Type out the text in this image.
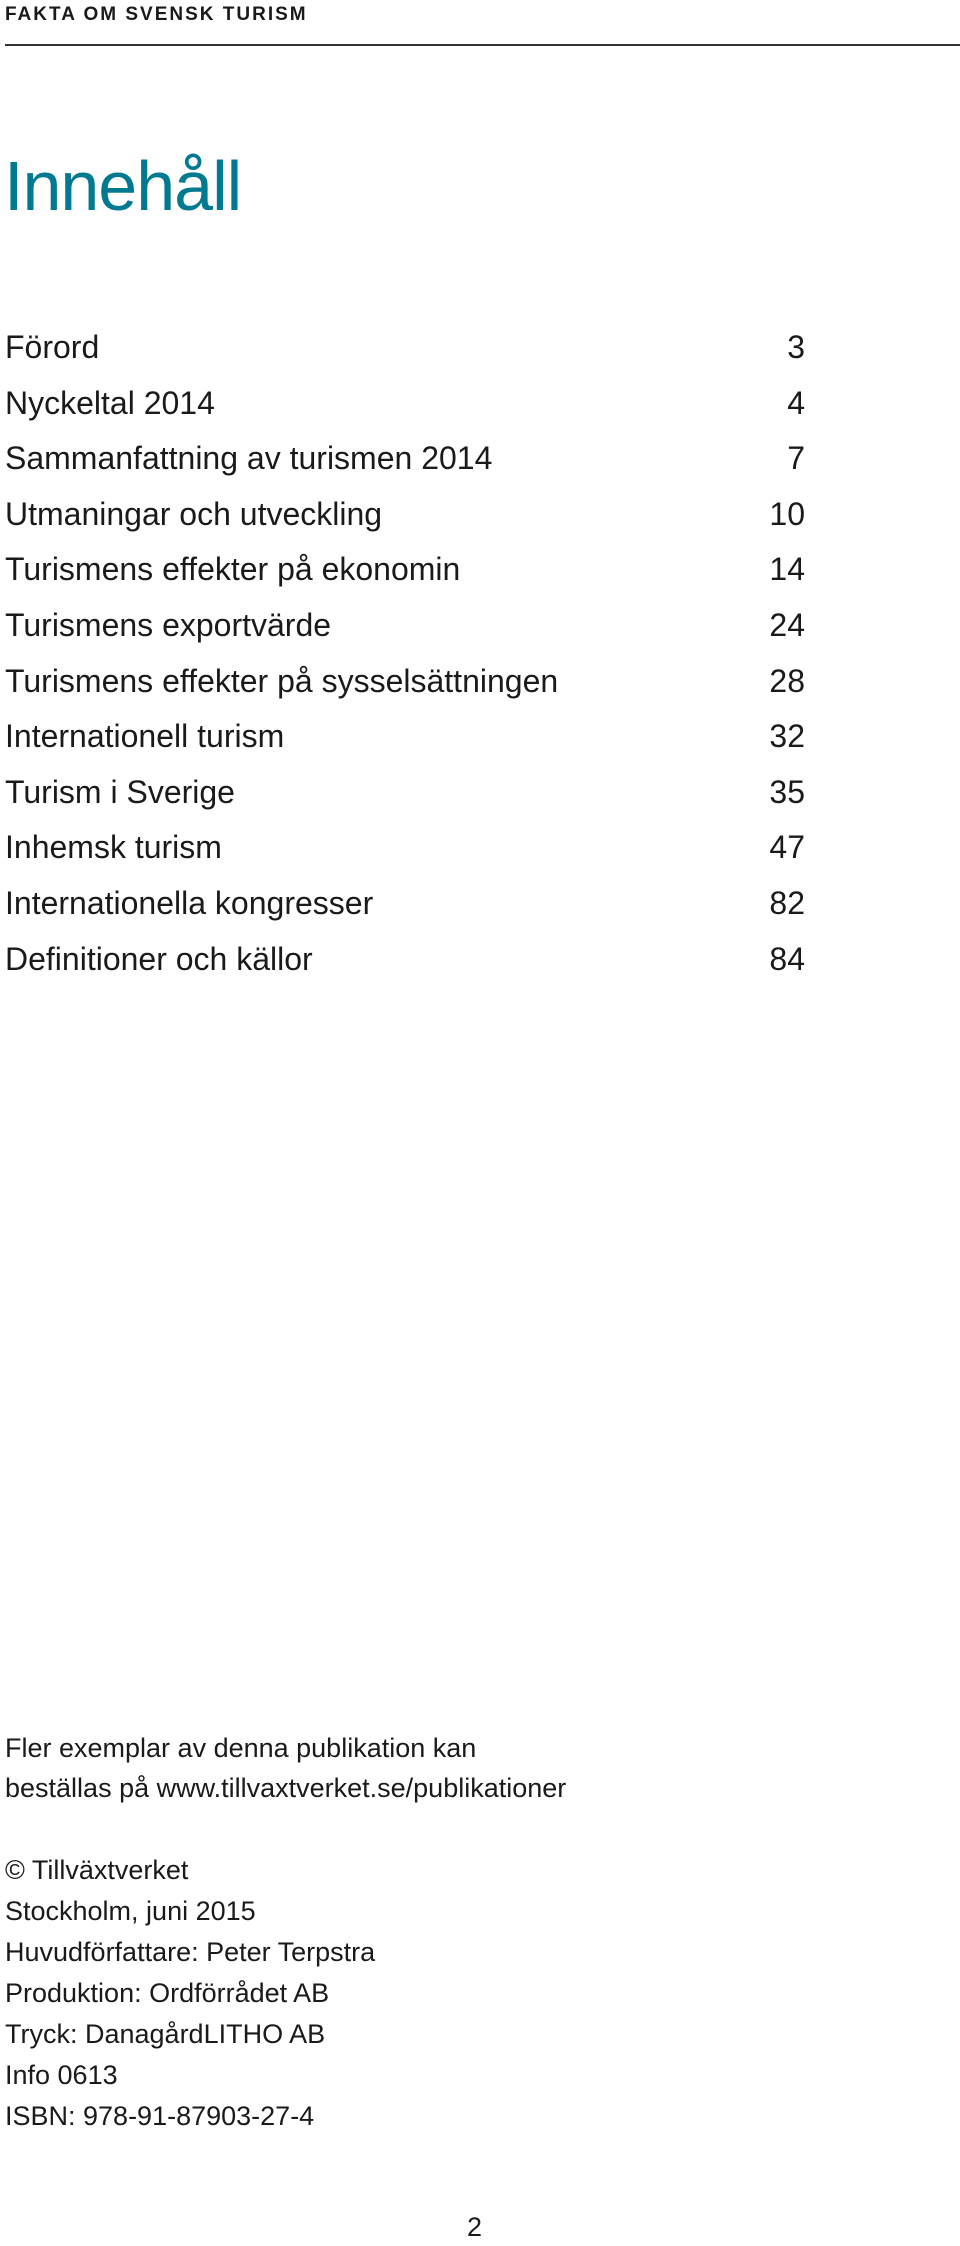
FAKTA OM SVENSK TURISM
Innehåll
Förord	3
Nyckeltal 2014	4
Sammanfattning av turismen 2014	7
Utmaningar och utveckling	10
Turismens effekter på ekonomin	14
Turismens exportvärde	24
Turismens effekter på sysselsättningen	28
Internationell turism	32
Turism i Sverige	35
Inhemsk turism	47
Internationella kongresser	82
Definitioner och källor	84
Fler exemplar av denna publikation kan
beställas på www.tillvaxtverket.se/publikationer
© Tillväxtverket
Stockholm, juni 2015
Huvudförfattare: Peter Terpstra
Produktion: Ordförrådet AB
Tryck: DanagårdLITHO AB
Info 0613
ISBN: 978-91-87903-27-4
2
